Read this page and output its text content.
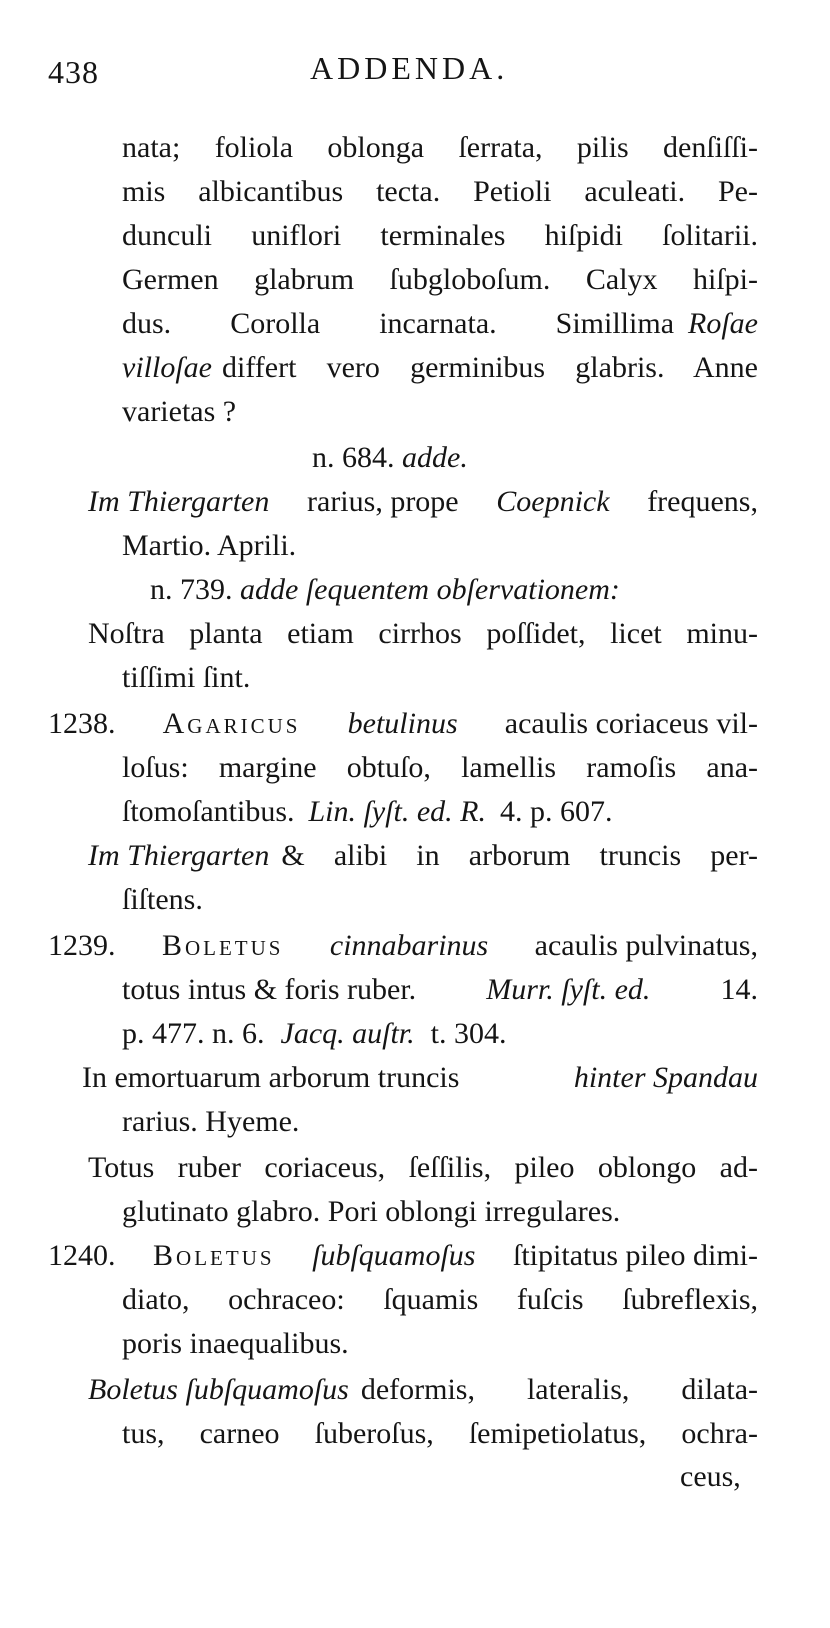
438	ADDENDA.
nata; foliola oblonga ſerrata, pilis denſiſſi-
mis albicantibus tecta. Petioli aculeati. Pe-
dunculi uniflori terminales hiſpidi ſolitarii.
Germen glabrum ſubgloboſum. Calyx hiſpi-
dus. Corolla incarnata. Simillima Roſae
villoſae differt vero germinibus glabris. Anne
varietas ?
n. 684. adde.
Im Thiergarten rarius, prope Coepnick frequens,
Martio. Aprili.
n. 739. adde ſequentem obſervationem:
Noſtra planta etiam cirrhos poſſidet, licet minu-
tiſſimi ſint.
1238. Agaricus betulinus acaulis coriaceus vil-
loſus: margine obtuſo, lamellis ramoſis ana-
ſtomoſantibus. Lin. ſyſt. ed. R. 4. p. 607.
Im Thiergarten & alibi in arborum truncis per-
ſiſtens.
1239. Boletus cinnabarinus acaulis pulvinatus,
totus intus & foris ruber. Murr. ſyſt. ed. 14.
p. 477. n. 6. Jacq. auſtr. t. 304.
In emortuarum arborum truncis	hinter Spandau
rarius. Hyeme.
Totus ruber coriaceus, ſeſſilis, pileo oblongo ad-
glutinato glabro. Pori oblongi irregulares.
1240. Boletus ſubſquamoſus ſtipitatus pileo dimi-
diato, ochraceo: ſquamis fuſcis ſubreflexis,
poris inaequalibus.
Boletus ſubſquamoſus deformis, lateralis, dilata-
tus, carneo ſuberoſus, ſemipetiolatus, ochra-
ceus,
